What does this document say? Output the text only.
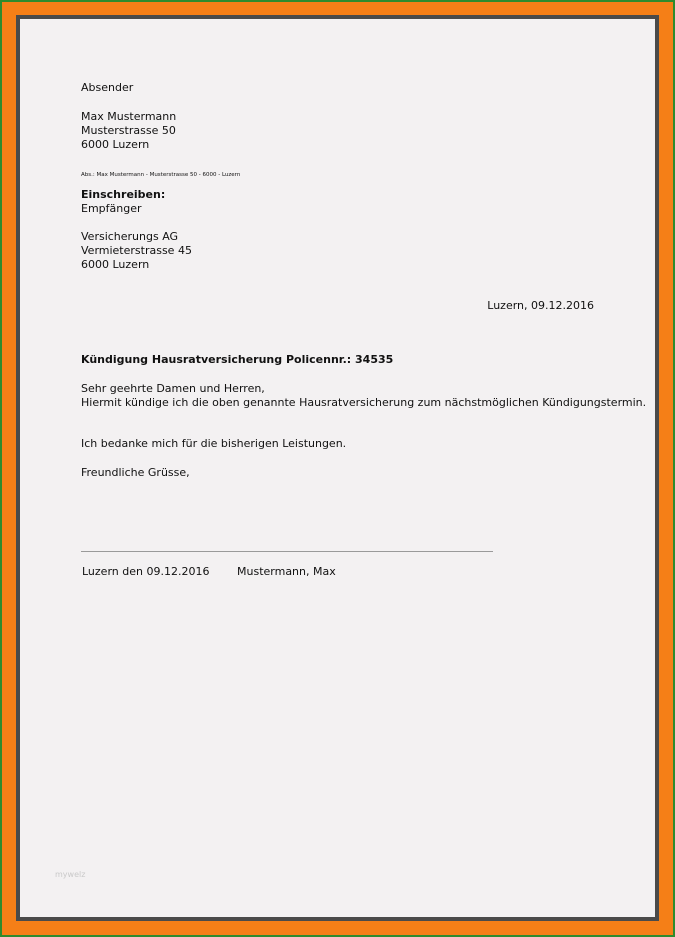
Absender
Max Mustermann
Musterstrasse 50
6000 Luzern
Abs.: Max Mustermann - Musterstrasse 50 - 6000 - Luzern
Einschreiben:
Empfänger
Versicherungs AG
Vermieterstrasse 45
6000 Luzern
Luzern, 09.12.2016
Kündigung Hausratversicherung Policennr.: 34535
Sehr geehrte Damen und Herren,
Hiermit kündige ich die oben genannte Hausratversicherung zum nächstmöglichen Kündigungstermin.
Ich bedanke mich für die bisherigen Leistungen.
Freundliche Grüsse,
Luzern den 09.12.2016	Mustermann, Max
mywelz
